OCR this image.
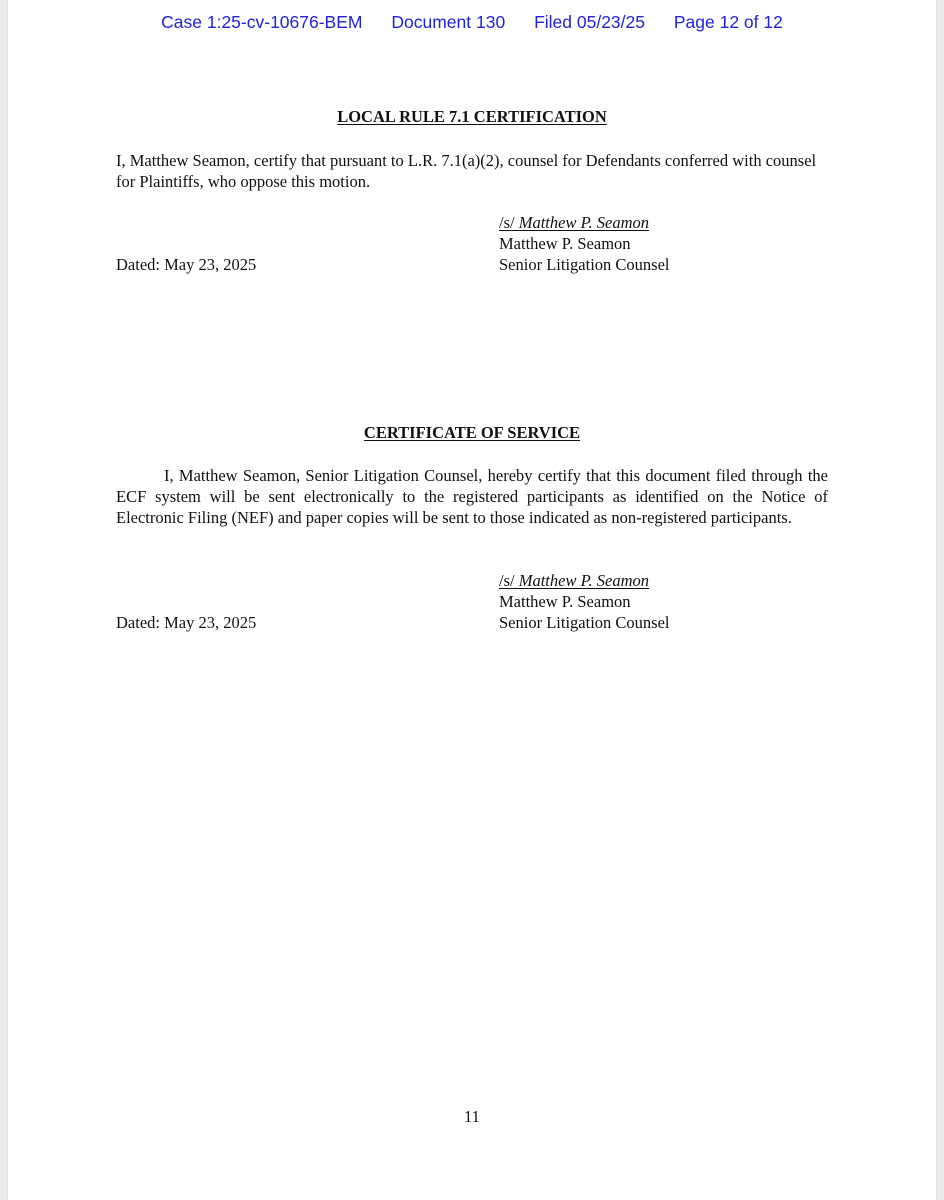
Case 1:25-cv-10676-BEM Document 130 Filed 05/23/25 Page 12 of 12
LOCAL RULE 7.1 CERTIFICATION
I, Matthew Seamon, certify that pursuant to L.R. 7.1(a)(2), counsel for Defendants conferred with counsel for Plaintiffs, who oppose this motion.
/s/ Matthew P. Seamon
Matthew P. Seamon
Senior Litigation Counsel
Dated: May 23, 2025
CERTIFICATE OF SERVICE
I, Matthew Seamon, Senior Litigation Counsel, hereby certify that this document filed through the ECF system will be sent electronically to the registered participants as identified on the Notice of Electronic Filing (NEF) and paper copies will be sent to those indicated as non-registered participants.
/s/ Matthew P. Seamon
Matthew P. Seamon
Senior Litigation Counsel
Dated: May 23, 2025
11
